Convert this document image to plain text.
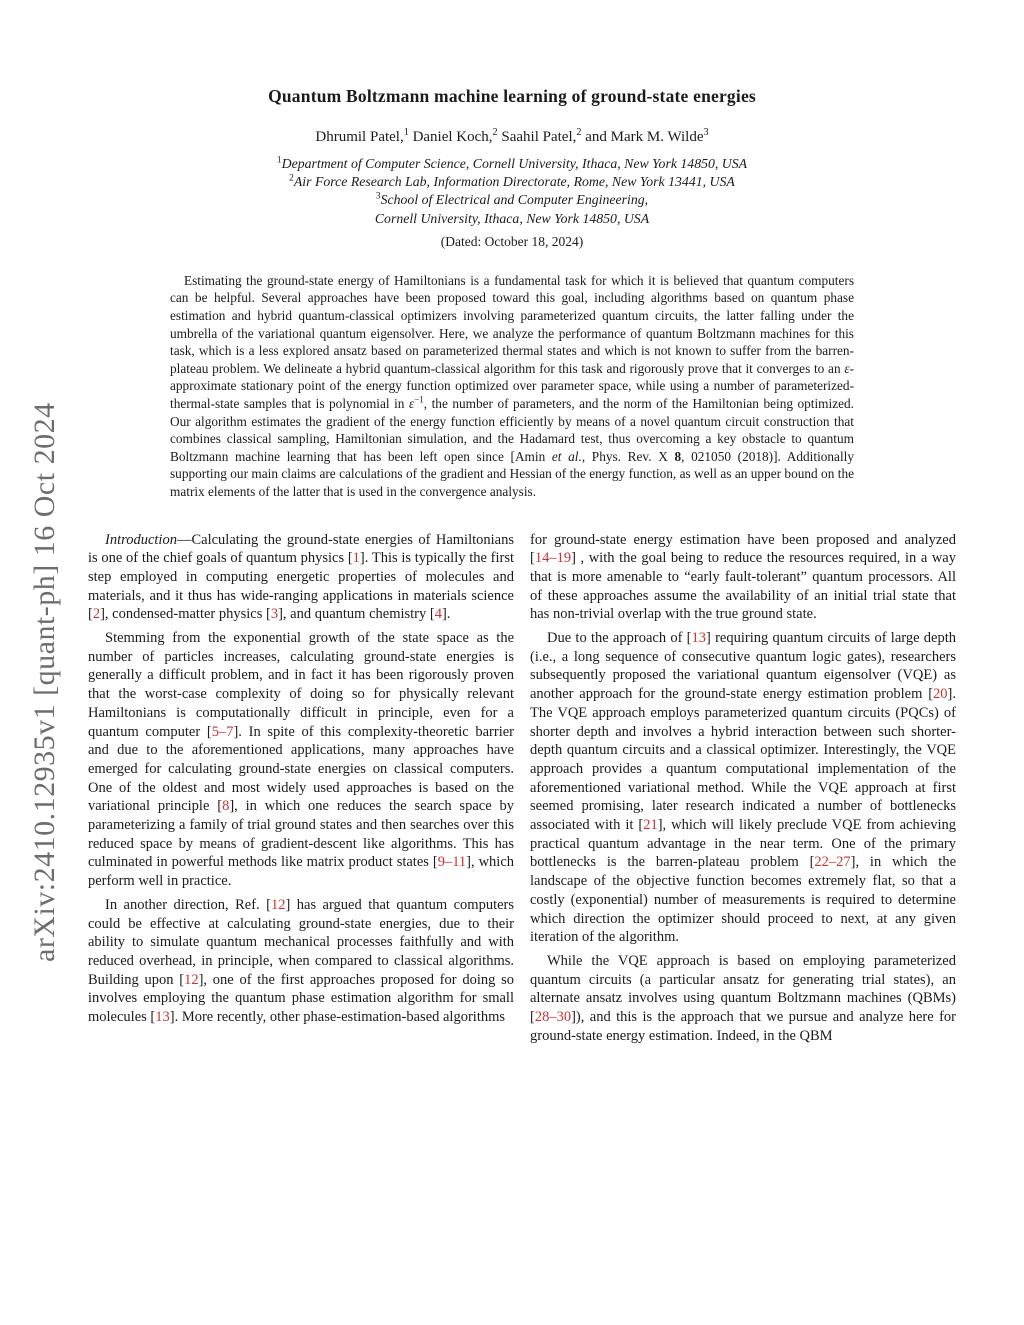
arXiv:2410.12935v1 [quant-ph] 16 Oct 2024
Quantum Boltzmann machine learning of ground-state energies
Dhrumil Patel,$^1$ Daniel Koch,$^2$ Saahil Patel,$^2$ and Mark M. Wilde$^3$
$^1$Department of Computer Science, Cornell University, Ithaca, New York 14850, USA
$^2$Air Force Research Lab, Information Directorate, Rome, New York 13441, USA
$^3$School of Electrical and Computer Engineering,
Cornell University, Ithaca, New York 14850, USA
(Dated: October 18, 2024)
Estimating the ground-state energy of Hamiltonians is a fundamental task for which it is believed that quantum computers can be helpful. Several approaches have been proposed toward this goal, including algorithms based on quantum phase estimation and hybrid quantum-classical optimizers involving parameterized quantum circuits, the latter falling under the umbrella of the variational quantum eigensolver. Here, we analyze the performance of quantum Boltzmann machines for this task, which is a less explored ansatz based on parameterized thermal states and which is not known to suffer from the barren-plateau problem. We delineate a hybrid quantum-classical algorithm for this task and rigorously prove that it converges to an ε-approximate stationary point of the energy function optimized over parameter space, while using a number of parameterized-thermal-state samples that is polynomial in $\varepsilon^{-1}$, the number of parameters, and the norm of the Hamiltonian being optimized. Our algorithm estimates the gradient of the energy function efficiently by means of a novel quantum circuit construction that combines classical sampling, Hamiltonian simulation, and the Hadamard test, thus overcoming a key obstacle to quantum Boltzmann machine learning that has been left open since [Amin et al., Phys. Rev. X 8, 021050 (2018)]. Additionally supporting our main claims are calculations of the gradient and Hessian of the energy function, as well as an upper bound on the matrix elements of the latter that is used in the convergence analysis.

Introduction—Calculating the ground-state energies of Hamiltonians is one of the chief goals of quantum physics [1]. This is typically the first step employed in computing energetic properties of molecules and materials, and it thus has wide-ranging applications in materials science [2], condensed-matter physics [3], and quantum chemistry [4].

Stemming from the exponential growth of the state space as the number of particles increases, calculating ground-state energies is generally a difficult problem, and in fact it has been rigorously proven that the worst-case complexity of doing so for physically relevant Hamiltonians is computationally difficult in principle, even for a quantum computer [5–7]. In spite of this complexity-theoretic barrier and due to the aforementioned applications, many approaches have emerged for calculating ground-state energies on classical computers. One of the oldest and most widely used approaches is based on the variational principle [8], in which one reduces the search space by parameterizing a family of trial ground states and then searches over this reduced space by means of gradient-descent like algorithms. This has culminated in powerful methods like matrix product states [9–11], which perform well in practice.

In another direction, Ref. [12] has argued that quantum computers could be effective at calculating ground-state energies, due to their ability to simulate quantum mechanical processes faithfully and with reduced overhead, in principle, when compared to classical algorithms. Building upon [12], one of the first approaches proposed for doing so involves employing the quantum phase estimation algorithm for small molecules [13]. More recently, other phase-estimation-based algorithms

for ground-state energy estimation have been proposed and analyzed [14–19] , with the goal being to reduce the resources required, in a way that is more amenable to “early fault-tolerant” quantum processors. All of these approaches assume the availability of an initial trial state that has non-trivial overlap with the true ground state.

Due to the approach of [13] requiring quantum circuits of large depth (i.e., a long sequence of consecutive quantum logic gates), researchers subsequently proposed the variational quantum eigensolver (VQE) as another approach for the ground-state energy estimation problem [20]. The VQE approach employs parameterized quantum circuits (PQCs) of shorter depth and involves a hybrid interaction between such shorter-depth quantum circuits and a classical optimizer. Interestingly, the VQE approach provides a quantum computational implementation of the aforementioned variational method. While the VQE approach at first seemed promising, later research indicated a number of bottlenecks associated with it [21], which will likely preclude VQE from achieving practical quantum advantage in the near term. One of the primary bottlenecks is the barren-plateau problem [22–27], in which the landscape of the objective function becomes extremely flat, so that a costly (exponential) number of measurements is required to determine which direction the optimizer should proceed to next, at any given iteration of the algorithm.

While the VQE approach is based on employing parameterized quantum circuits (a particular ansatz for generating trial states), an alternate ansatz involves using quantum Boltzmann machines (QBMs) [28–30]), and this is the approach that we pursue and analyze here for ground-state energy estimation. Indeed, in the QBM
